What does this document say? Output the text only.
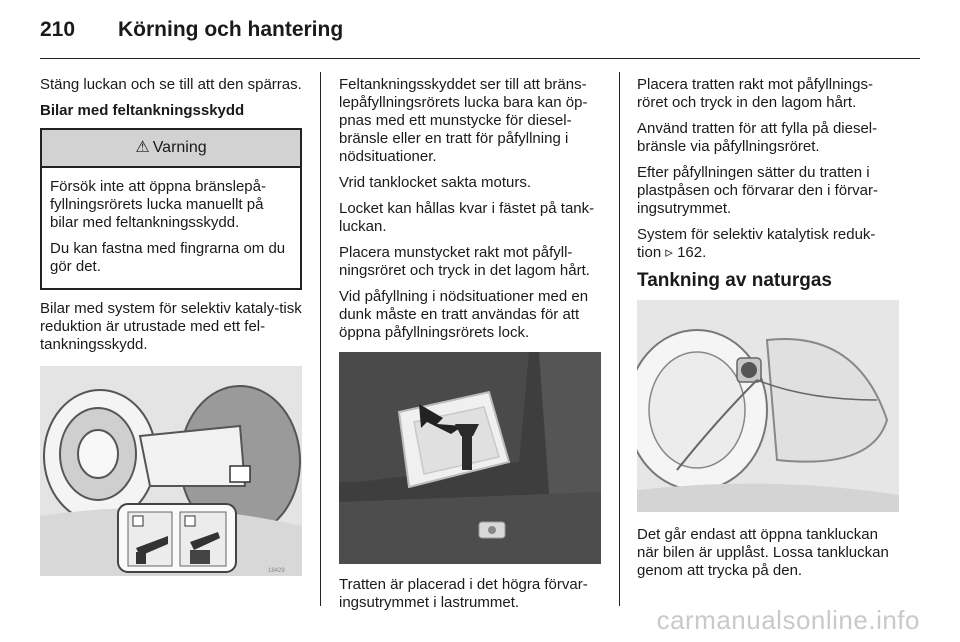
210 Körning och hantering

Stäng luckan och se till att den spärras.

Bilar med feltankningsskydd

⚠ Varning

Försök inte att öppna bränslepå-fyllningsrörets lucka manuellt på bilar med feltankningsskydd.

Du kan fastna med fingrarna om du gör det.

Bilar med system för selektiv kataly-tisk reduktion är utrustade med ett fel-tankningsskydd.

18429

Feltankningsskyddet ser till att bräns-lepåfyllningsrörets lucka bara kan öp-pnas med ett munstycke för diesel-bränsle eller en tratt för påfyllning i nödsituationer.

Vrid tanklocket sakta moturs.

Locket kan hållas kvar i fästet på tank-luckan.

Placera munstycket rakt mot påfyll-ningsröret och tryck in det lagom hårt.

Vid påfyllning i nödsituationer med en dunk måste en tratt användas för att öppna påfyllningsrörets lock.

Tratten är placerad i det högra förvar-ingsutrymmet i lastrummet.

Placera tratten rakt mot påfyllnings-röret och tryck in den lagom hårt.

Använd tratten för att fylla på diesel-bränsle via påfyllningsröret.

Efter påfyllningen sätter du tratten i plastpåsen och förvarar den i förvar-ingsutrymmet.

System för selektiv katalytisk reduk-tion ▹ 162.

Tankning av naturgas

Det går endast att öppna tankluckan när bilen är upplåst. Lossa tankluckan genom att trycka på den.

carmanualsonline.info
